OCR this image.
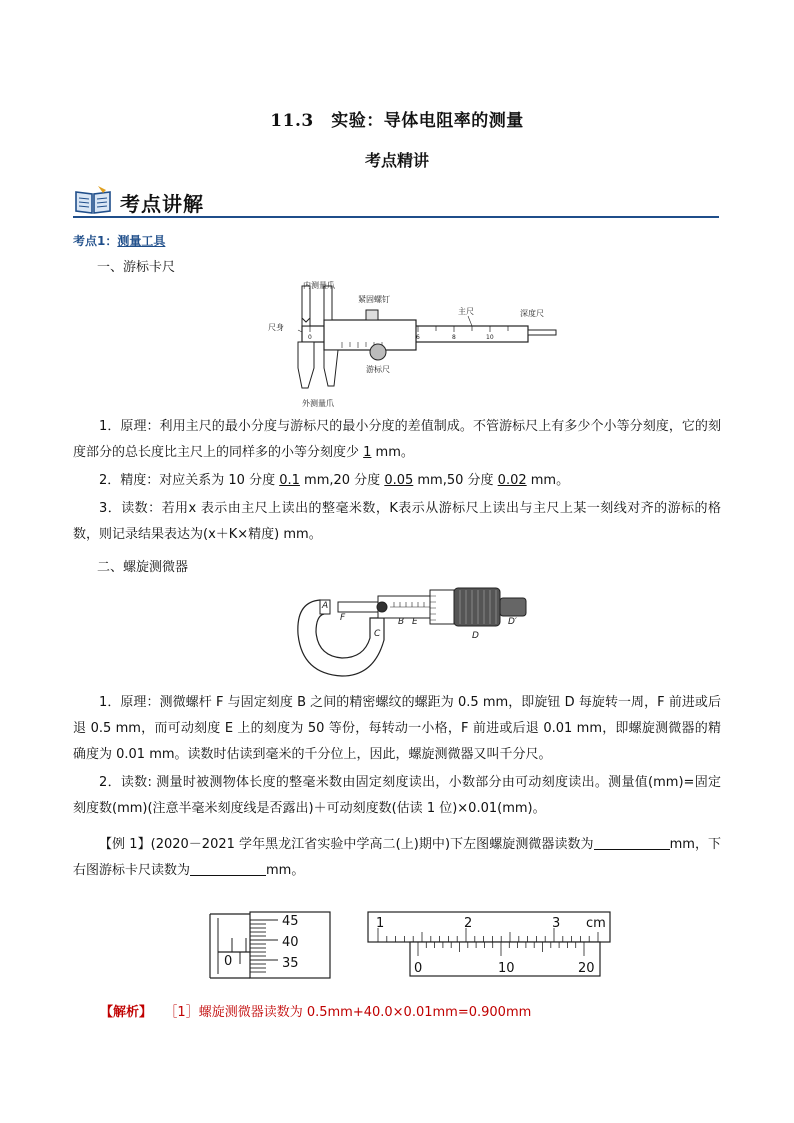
11.3　实验：导体电阻率的测量
考点精讲
考点讲解
考点1：测量工具
一、游标卡尺
0	6	8	10
内测量爪
紧固螺钉
主尺	深度尺
尺身
游标尺
外测量爪
1．原理：利用主尺的最小分度与游标尺的最小分度的差值制成。不管游标尺上有多少个小等分刻度，它的刻度部分的总长度比主尺上的同样多的小等分刻度少 1 mm。
2．精度：对应关系为 10 分度 0.1 mm,20 分度 0.05 mm,50 分度 0.02 mm。
3．读数：若用x 表示由主尺上读出的整毫米数，K表示从游标尺上读出与主尺上某一刻线对齐的游标的格数，则记录结果表达为(x＋K×精度) mm。
二、螺旋测微器
A
F
C
B E
D
D′
1．原理：测微螺杆 F 与固定刻度 B 之间的精密螺纹的螺距为 0.5 mm，即旋钮 D 每旋转一周，F 前进或后退 0.5 mm，而可动刻度 E 上的刻度为 50 等份，每转动一小格，F 前进或后退 0.01 mm，即螺旋测微器的精确度为 0.01 mm。读数时估读到毫米的千分位上，因此，螺旋测微器又叫千分尺。
2．读数: 测量时被测物体长度的整毫米数由固定刻度读出，小数部分由可动刻度读出。测量值(mm)=固定刻度数(mm)(注意半毫米刻度线是否露出)＋可动刻度数(估读 1 位)×0.01(mm)。
【例 1】(2020－2021 学年黑龙江省实验中学高二(上)期中)下左图螺旋测微器读数为	mm，下右图游标卡尺读数为	mm。
45
40
35
0
1	2	3 cm
0	10	20
【解析】 ［1］螺旋测微器读数为 0.5mm+40.0×0.01mm=0.900mm
